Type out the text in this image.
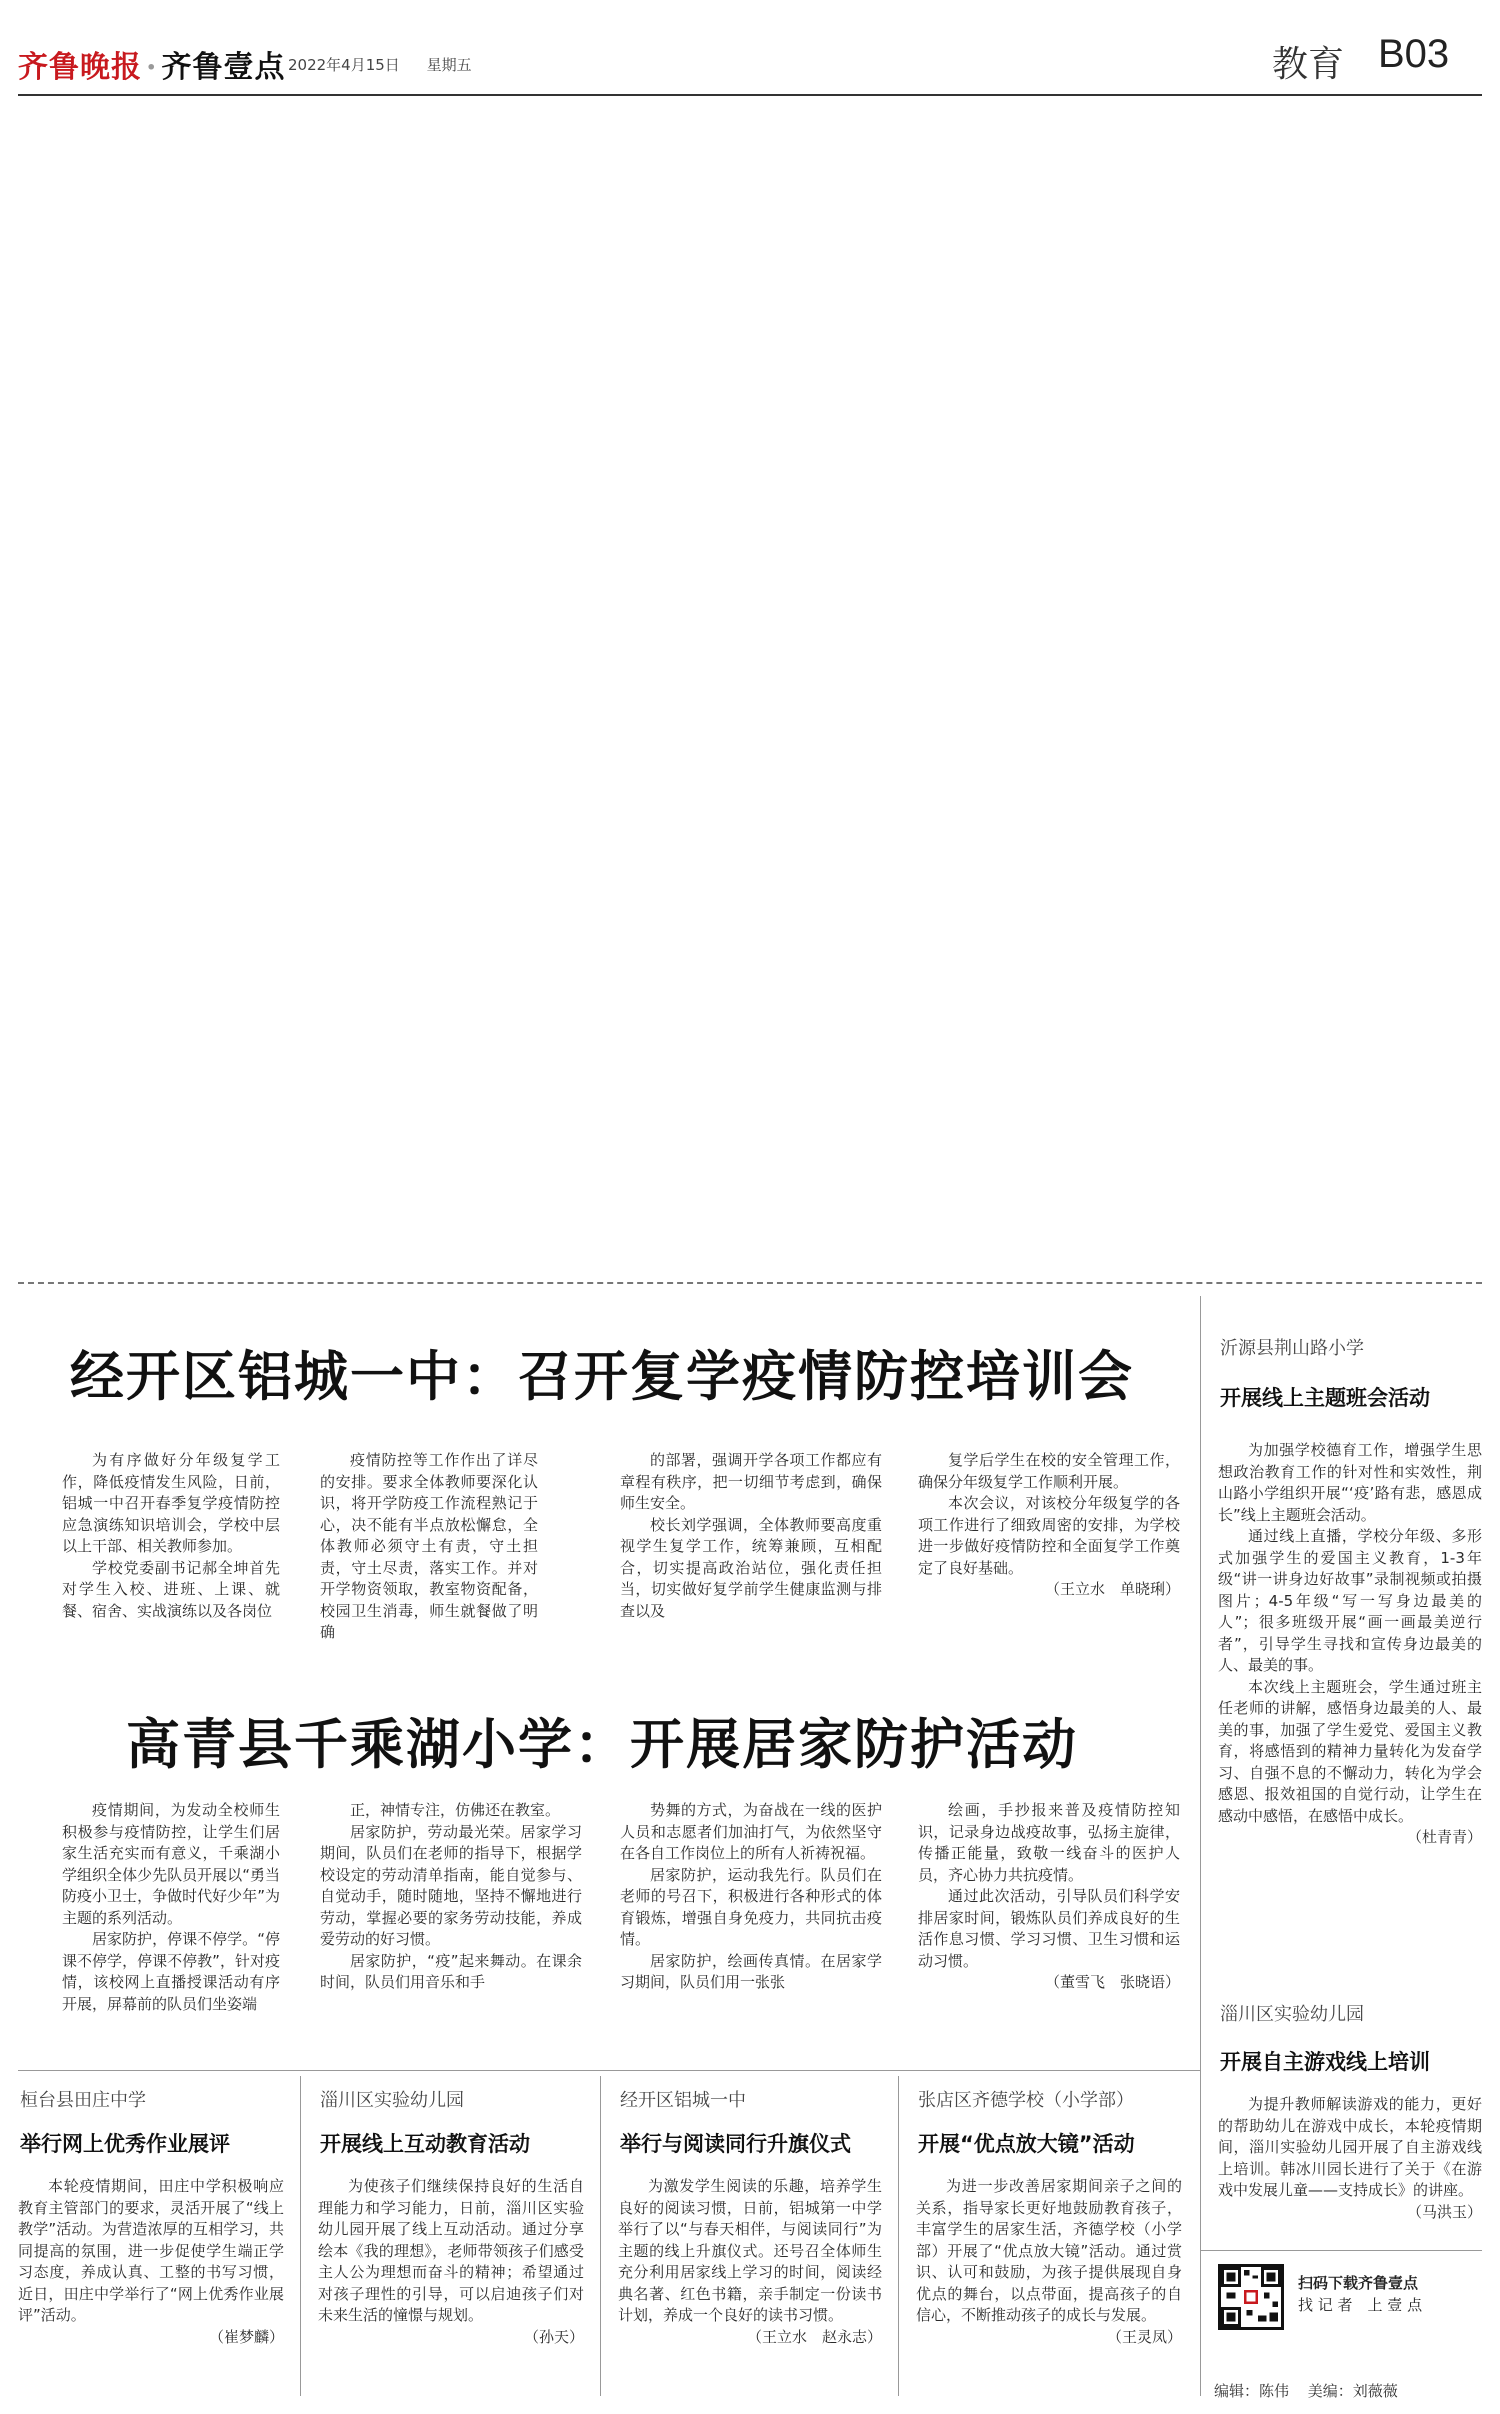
齐鲁晚报 · 齐鲁壹点 2022年4月15日 星期五	教育 B03
经开区铝城一中：召开复学疫情防控培训会

为有序做好分年级复学工作，降低疫情发生风险，日前，铝城一中召开春季复学疫情防控应急演练知识培训会，学校中层以上干部、相关教师参加。

学校党委副书记郝全坤首先对学生入校、进班、上课、就餐、宿舍、实战演练以及各岗位

疫情防控等工作作出了详尽的安排。要求全体教师要深化认识，将开学防疫工作流程熟记于心，决不能有半点放松懈怠，全体教师必须守土有责，守土担责，守土尽责，落实工作。并对开学物资领取，教室物资配备，校园卫生消毒，师生就餐做了明确

的部署，强调开学各项工作都应有章程有秩序，把一切细节考虑到，确保师生安全。

校长刘学强调，全体教师要高度重视学生复学工作，统筹兼顾，互相配合，切实提高政治站位，强化责任担当，切实做好复学前学生健康监测与排查以及

复学后学生在校的安全管理工作，确保分年级复学工作顺利开展。

本次会议，对该校分年级复学的各项工作进行了细致周密的安排，为学校进一步做好疫情防控和全面复学工作奠定了良好基础。

（王立水　单晓琍）
高青县千乘湖小学：开展居家防护活动

疫情期间，为发动全校师生积极参与疫情防控，让学生们居家生活充实而有意义，千乘湖小学组织全体少先队员开展以“勇当防疫小卫士，争做时代好少年”为主题的系列活动。

居家防护，停课不停学。“停课不停学，停课不停教”，针对疫情，该校网上直播授课活动有序开展，屏幕前的队员们坐姿端

正，神情专注，仿佛还在教室。

居家防护，劳动最光荣。居家学习期间，队员们在老师的指导下，根据学校设定的劳动清单指南，能自觉参与、自觉动手，随时随地，坚持不懈地进行劳动，掌握必要的家务劳动技能，养成爱劳动的好习惯。

居家防护，“疫”起来舞动。在课余时间，队员们用音乐和手

势舞的方式，为奋战在一线的医护人员和志愿者们加油打气，为依然坚守在各自工作岗位上的所有人祈祷祝福。

居家防护，运动我先行。队员们在老师的号召下，积极进行各种形式的体育锻炼，增强自身免疫力，共同抗击疫情。

居家防护，绘画传真情。在居家学习期间，队员们用一张张

绘画，手抄报来普及疫情防控知识，记录身边战疫故事，弘扬主旋律，传播正能量，致敬一线奋斗的医护人员，齐心协力共抗疫情。

通过此次活动，引导队员们科学安排居家时间，锻炼队员们养成良好的生活作息习惯、学习习惯、卫生习惯和运动习惯。

（董雪飞　张晓语）
沂源县荆山路小学
开展线上主题班会活动

为加强学校德育工作，增强学生思想政治教育工作的针对性和实效性，荆山路小学组织开展“‘疫’路有悲，感恩成长”线上主题班会活动。

通过线上直播，学校分年级、多形式加强学生的爱国主义教育，1-3年级“讲一讲身边好故事”录制视频或拍摄图片；4-5年级“写一写身边最美的人”；很多班级开展“画一画最美逆行者”，引导学生寻找和宣传身边最美的人、最美的事。

本次线上主题班会，学生通过班主任老师的讲解，感悟身边最美的人、最美的事，加强了学生爱党、爱国主义教育，将感悟到的精神力量转化为发奋学习、自强不息的不懈动力，转化为学会感恩、报效祖国的自觉行动，让学生在感动中感悟，在感悟中成长。

（杜青青）
淄川区实验幼儿园
开展自主游戏线上培训

为提升教师解读游戏的能力，更好的帮助幼儿在游戏中成长，本轮疫情期间，淄川实验幼儿园开展了自主游戏线上培训。韩冰川园长进行了关于《在游戏中发展儿童——支持成长》的讲座。

（马洪玉）
桓台县田庄中学
举行网上优秀作业展评

本轮疫情期间，田庄中学积极响应教育主管部门的要求，灵活开展了“线上教学”活动。为营造浓厚的互相学习，共同提高的氛围，进一步促使学生端正学习态度，养成认真、工整的书写习惯，近日，田庄中学举行了“网上优秀作业展评”活动。

（崔梦麟）
淄川区实验幼儿园
开展线上互动教育活动

为使孩子们继续保持良好的生活自理能力和学习能力，日前，淄川区实验幼儿园开展了线上互动活动。通过分享绘本《我的理想》，老师带领孩子们感受主人公为理想而奋斗的精神；希望通过对孩子理性的引导，可以启迪孩子们对未来生活的憧憬与规划。

（孙天）
经开区铝城一中
举行与阅读同行升旗仪式

为激发学生阅读的乐趣，培养学生良好的阅读习惯，日前，铝城第一中学举行了以“与春天相伴，与阅读同行”为主题的线上升旗仪式。还号召全体师生充分利用居家线上学习的时间，阅读经典名著、红色书籍，亲手制定一份读书计划，养成一个良好的读书习惯。

（王立水　赵永志）
张店区齐德学校（小学部）
开展“优点放大镜”活动

为进一步改善居家期间亲子之间的关系，指导家长更好地鼓励教育孩子，丰富学生的居家生活，齐德学校（小学部）开展了“优点放大镜”活动。通过赏识、认可和鼓励，为孩子提供展现自身优点的舞台，以点带面，提高孩子的自信心，不断推动孩子的成长与发展。

（王灵凤）
扫码下载齐鲁壹点
找 记 者　上 壹 点
编辑：陈伟 美编：刘薇薇
